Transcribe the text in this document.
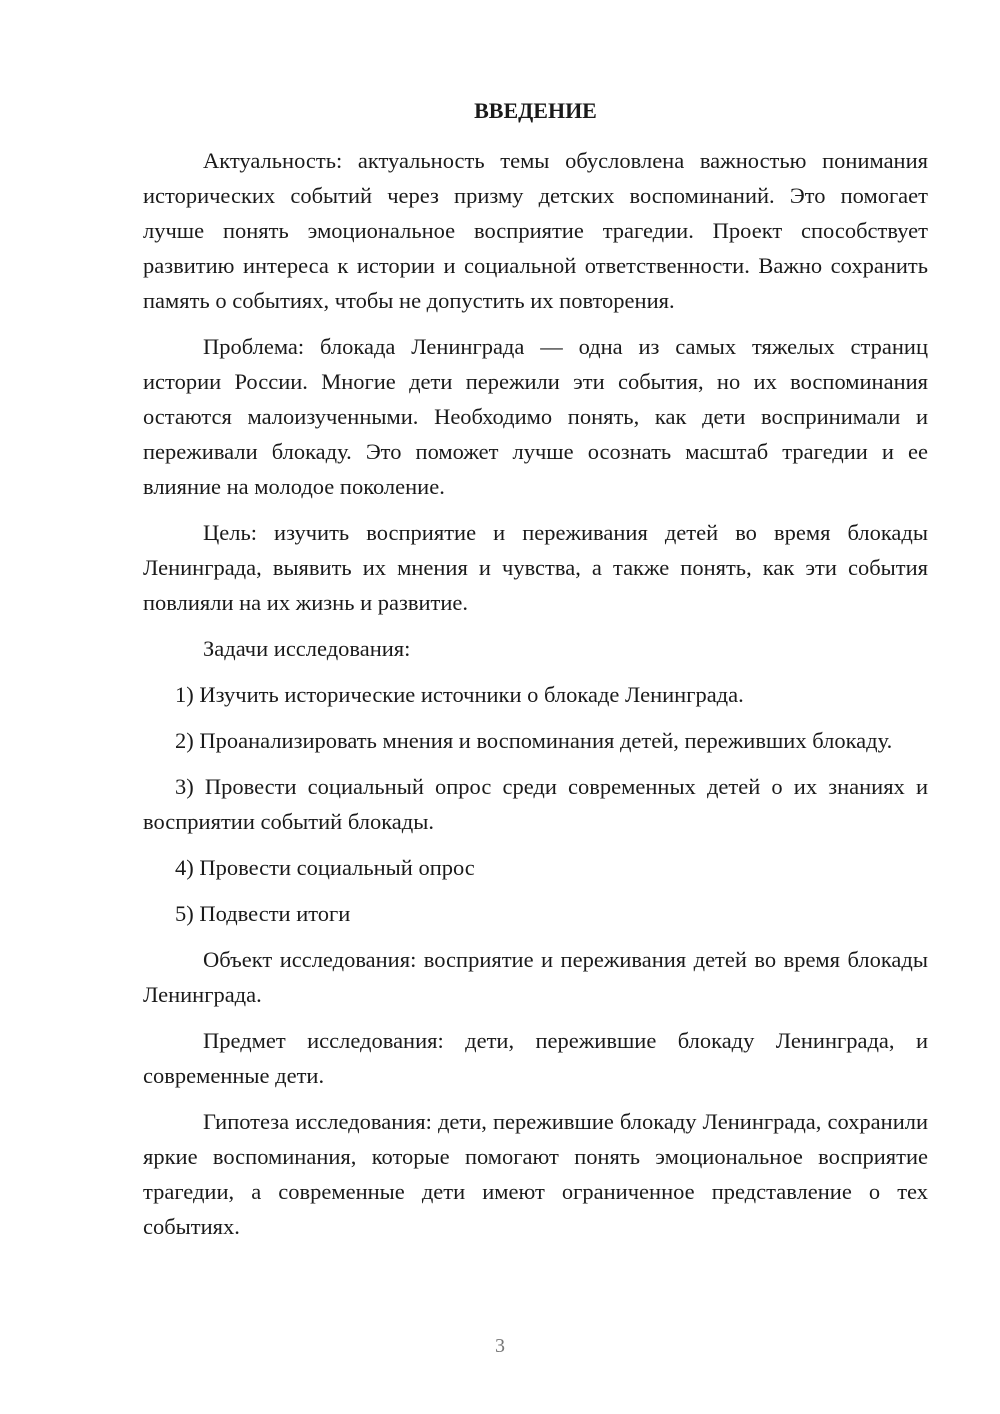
ВВЕДЕНИЕ

Актуальность: актуальность темы обусловлена важностью понимания исторических событий через призму детских воспоминаний. Это помогает лучше понять эмоциональное восприятие трагедии. Проект способствует развитию интереса к истории и социальной ответственности. Важно сохранить память о событиях, чтобы не допустить их повторения.

Проблема: блокада Ленинграда — одна из самых тяжелых страниц истории России. Многие дети пережили эти события, но их воспоминания остаются малоизученными. Необходимо понять, как дети воспринимали и переживали блокаду. Это поможет лучше осознать масштаб трагедии и ее влияние на молодое поколение.

Цель: изучить восприятие и переживания детей во время блокады Ленинграда, выявить их мнения и чувства, а также понять, как эти события повлияли на их жизнь и развитие.

Задачи исследования:

1) Изучить исторические источники о блокаде Ленинграда.

2) Проанализировать мнения и воспоминания детей, переживших блокаду.

3) Провести социальный опрос среди современных детей о их знаниях и восприятии событий блокады.

4) Провести социальный опрос

5) Подвести итоги

Объект исследования: восприятие и переживания детей во время блокады Ленинграда.

Предмет исследования: дети, пережившие блокаду Ленинграда, и современные дети.

Гипотеза исследования: дети, пережившие блокаду Ленинграда, сохранили яркие воспоминания, которые помогают понять эмоциональное восприятие трагедии, а современные дети имеют ограниченное представление о тех событиях.

3
